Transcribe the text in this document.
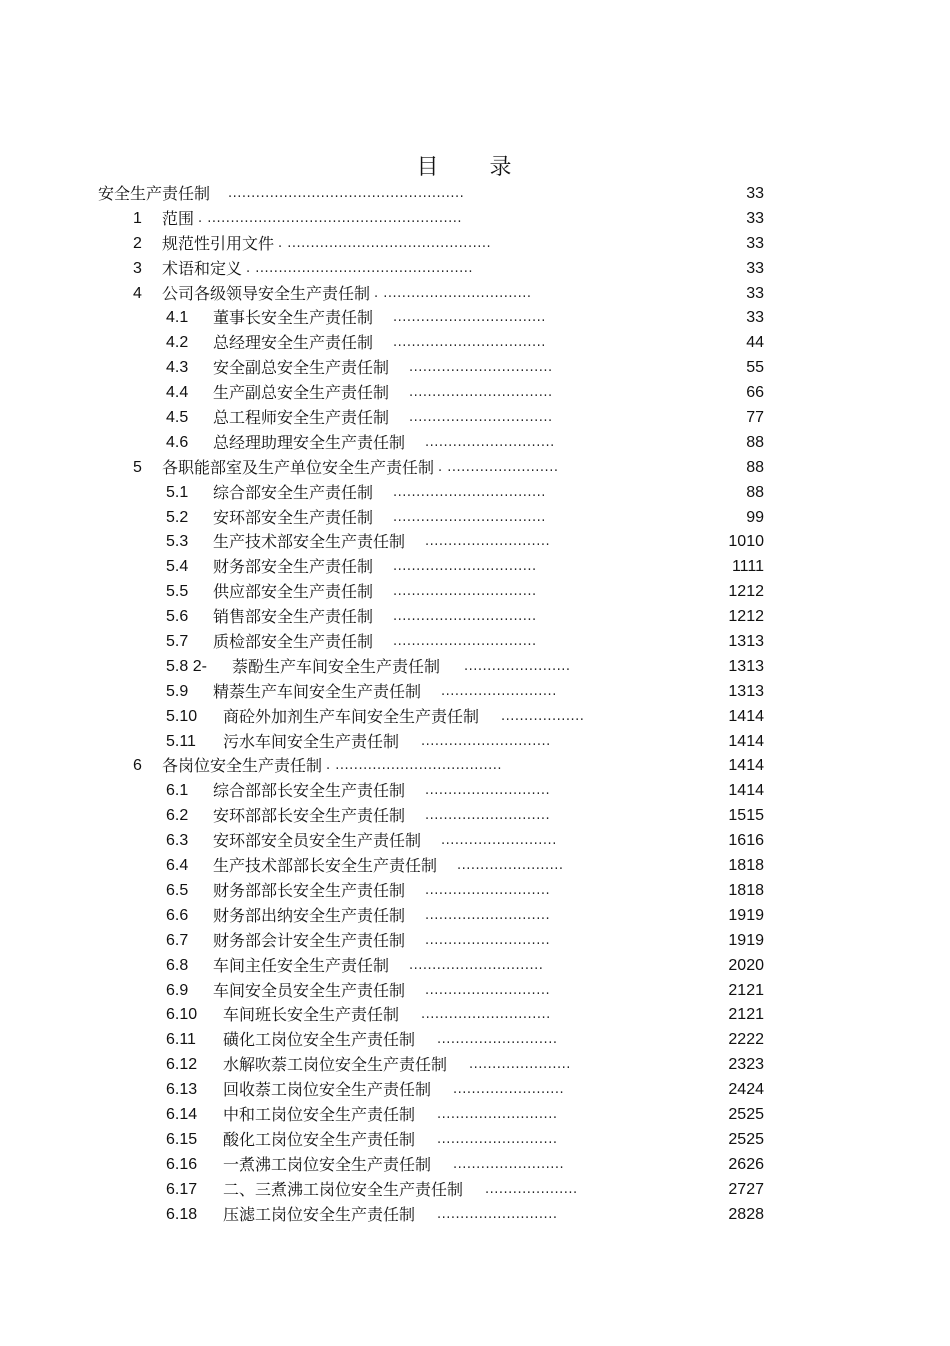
目 录
安全生产责任制 ...................................................	33
1 范围 . .......................................................	33
2 规范性引用文件 . ............................................	33
3 术语和定义 . ...............................................	33
4 公司各级领导安全生产责任制 . ................................	33
4.1 董事长安全生产责任制 .................................	33
4.2 总经理安全生产责任制 .................................	44
4.3 安全副总安全生产责任制 ...............................	55
4.4 生产副总安全生产责任制 ...............................	66
4.5 总工程师安全生产责任制 ...............................	77
4.6 总经理助理安全生产责任制 ............................	88
5 各职能部室及生产单位安全生产责任制 . ........................	88
5.1 综合部安全生产责任制 .................................	88
5.2 安环部安全生产责任制 .................................	99
5.3 生产技术部安全生产责任制 ...........................	1010
5.4 财务部安全生产责任制 ...............................	1111
5.5 供应部安全生产责任制 ...............................	1212
5.6 销售部安全生产责任制 ...............................	1212
5.7 质检部安全生产责任制 ...............................	1313
5.8 2- 萘酚生产车间安全生产责任制 .......................	1313
5.9 精萘生产车间安全生产责任制 .........................	1313
5.10 商砼外加剂生产车间安全生产责任制 ..................	1414
5.11 污水车间安全生产责任制 ............................	1414
6 各岗位安全生产责任制 . ....................................	1414
6.1 综合部部长安全生产责任制 ...........................	1414
6.2 安环部部长安全生产责任制 ...........................	1515
6.3 安环部安全员安全生产责任制 .........................	1616
6.4 生产技术部部长安全生产责任制 .......................	1818
6.5 财务部部长安全生产责任制 ...........................	1818
6.6 财务部出纳安全生产责任制 ...........................	1919
6.7 财务部会计安全生产责任制 ...........................	1919
6.8 车间主任安全生产责任制 .............................	2020
6.9 车间安全员安全生产责任制 ...........................	2121
6.10 车间班长安全生产责任制 ............................	2121
6.11 磺化工岗位安全生产责任制 ..........................	2222
6.12 水解吹萘工岗位安全生产责任制 ......................	2323
6.13 回收萘工岗位安全生产责任制 ........................	2424
6.14 中和工岗位安全生产责任制 ..........................	2525
6.15 酸化工岗位安全生产责任制 ..........................	2525
6.16 一煮沸工岗位安全生产责任制 ........................	2626
6.17 二、三煮沸工岗位安全生产责任制 ....................	2727
6.18 压滤工岗位安全生产责任制 ..........................	2828
